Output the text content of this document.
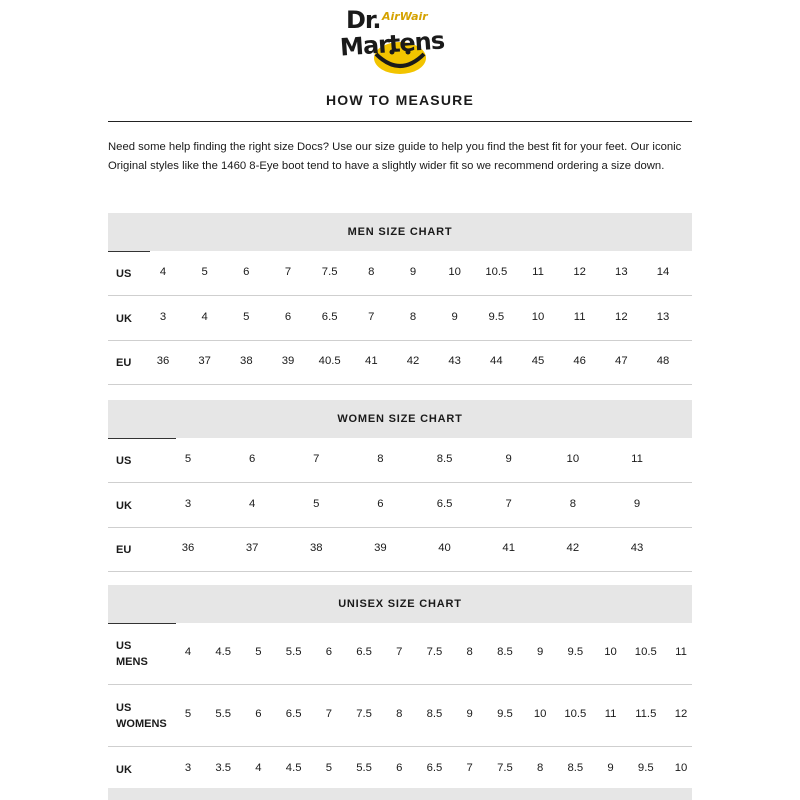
Dr. AirWair
Martens
HOW TO MEASURE
Need some help finding the right size Docs? Use our size guide to help you find the best fit for your feet. Our iconic Original styles like the 1460 8-Eye boot tend to have a slightly wider fit so we recommend ordering a size down.
MEN SIZE CHART
US	4	5	6	7	7.5	8	9	10	10.5	11	12	13	14
UK	3	4	5	6	6.5	7	8	9	9.5	10	11	12	13
EU	36	37	38	39	40.5	41	42	43	44	45	46	47	48
WOMEN SIZE CHART
US	5	6	7	8	8.5	9	10	11
UK	3	4	5	6	6.5	7	8	9
EU	36	37	38	39	40	41	42	43
UNISEX SIZE CHART
US
MENS
4	4.5	5	5.5	6	6.5	7	7.5	8	8.5	9	9.5	10	10.5	11
US
WOMENS
5	5.5	6	6.5	7	7.5	8	8.5	9	9.5	10	10.5	11	11.5	12
UK	3	3.5	4	4.5	5	5.5	6	6.5	7	7.5	8	8.5	9	9.5	10
